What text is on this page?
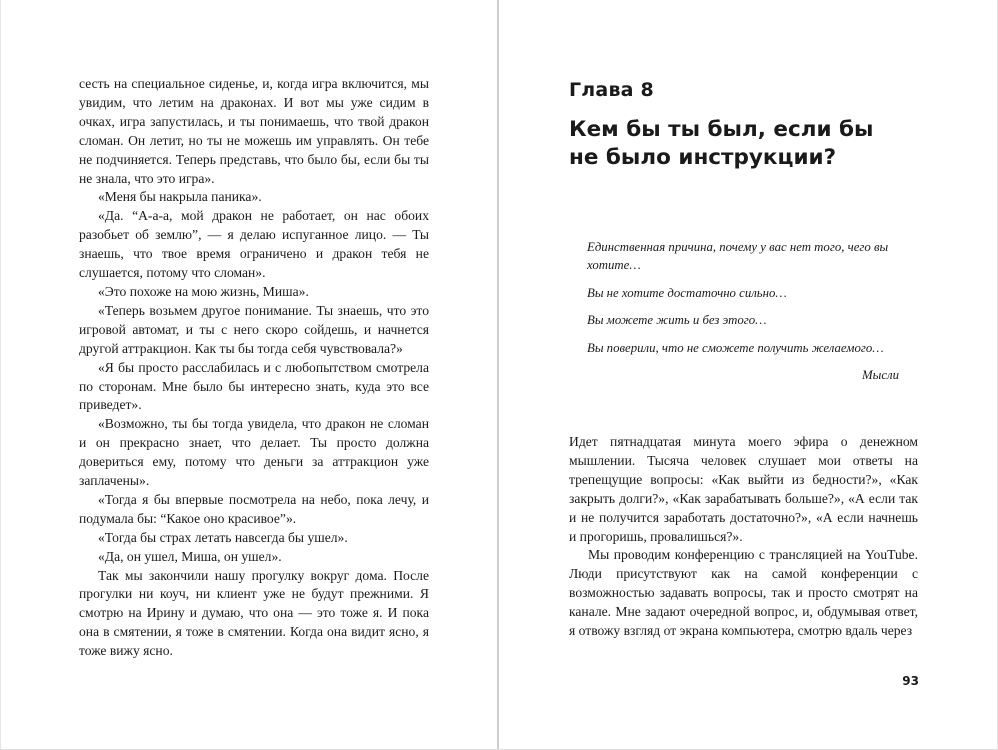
сесть на специальное сиденье, и, когда игра включится, мы увидим, что летим на драконах. И вот мы уже сидим в очках, игра запустилась, и ты понимаешь, что твой дракон сломан. Он летит, но ты не можешь им управлять. Он тебе не подчиняется. Теперь представь, что было бы, если бы ты не знала, что это игра».

«Меня бы накрыла паника».

«Да. “А-а-а, мой дракон не работает, он нас обоих разобьет об землю”, — я делаю испуганное лицо. — Ты знаешь, что твое время ограничено и дракон тебя не слушается, потому что сломан».

«Это похоже на мою жизнь, Миша».

«Теперь возьмем другое понимание. Ты знаешь, что это игровой автомат, и ты с него скоро сойдешь, и начнется другой аттракцион. Как ты бы тогда себя чувствовала?»

«Я бы просто расслабилась и с любопытством смотрела по сторонам. Мне было бы интересно знать, куда это все приведет».

«Возможно, ты бы тогда увидела, что дракон не сломан и он прекрасно знает, что делает. Ты просто должна довериться ему, потому что деньги за аттракцион уже заплачены».

«Тогда я бы впервые посмотрела на небо, пока лечу, и подумала бы: “Какое оно красивое”».

«Тогда бы страх летать навсегда бы ушел».

«Да, он ушел, Миша, он ушел».

Так мы закончили нашу прогулку вокруг дома. После прогулки ни коуч, ни клиент уже не будут прежними. Я смотрю на Ирину и думаю, что она — это тоже я. И пока она в смятении, я тоже в смятении. Когда она видит ясно, я тоже вижу ясно.

Глава 8
Кем бы ты был, если бы не было инструкции?

Единственная причина, почему у вас нет того, чего вы хотите…

Вы не хотите достаточно сильно…

Вы можете жить и без этого…

Вы поверили, что не сможете получить желаемого…

Мысли

Идет пятнадцатая минута моего эфира о денежном мышлении. Тысяча человек слушает мои ответы на трепещущие вопросы: «Как выйти из бедности?», «Как закрыть долги?», «Как зарабатывать больше?», «А если так и не получится заработать достаточно?», «А если начнешь и прогоришь, провалишься?».

Мы проводим конференцию с трансляцией на YouTube. Люди присутствуют как на самой конференции с возможностью задавать вопросы, так и просто смотрят на канале. Мне задают очередной вопрос, и, обдумывая ответ, я отвожу взгляд от экрана компьютера, смотрю вдаль через

93
